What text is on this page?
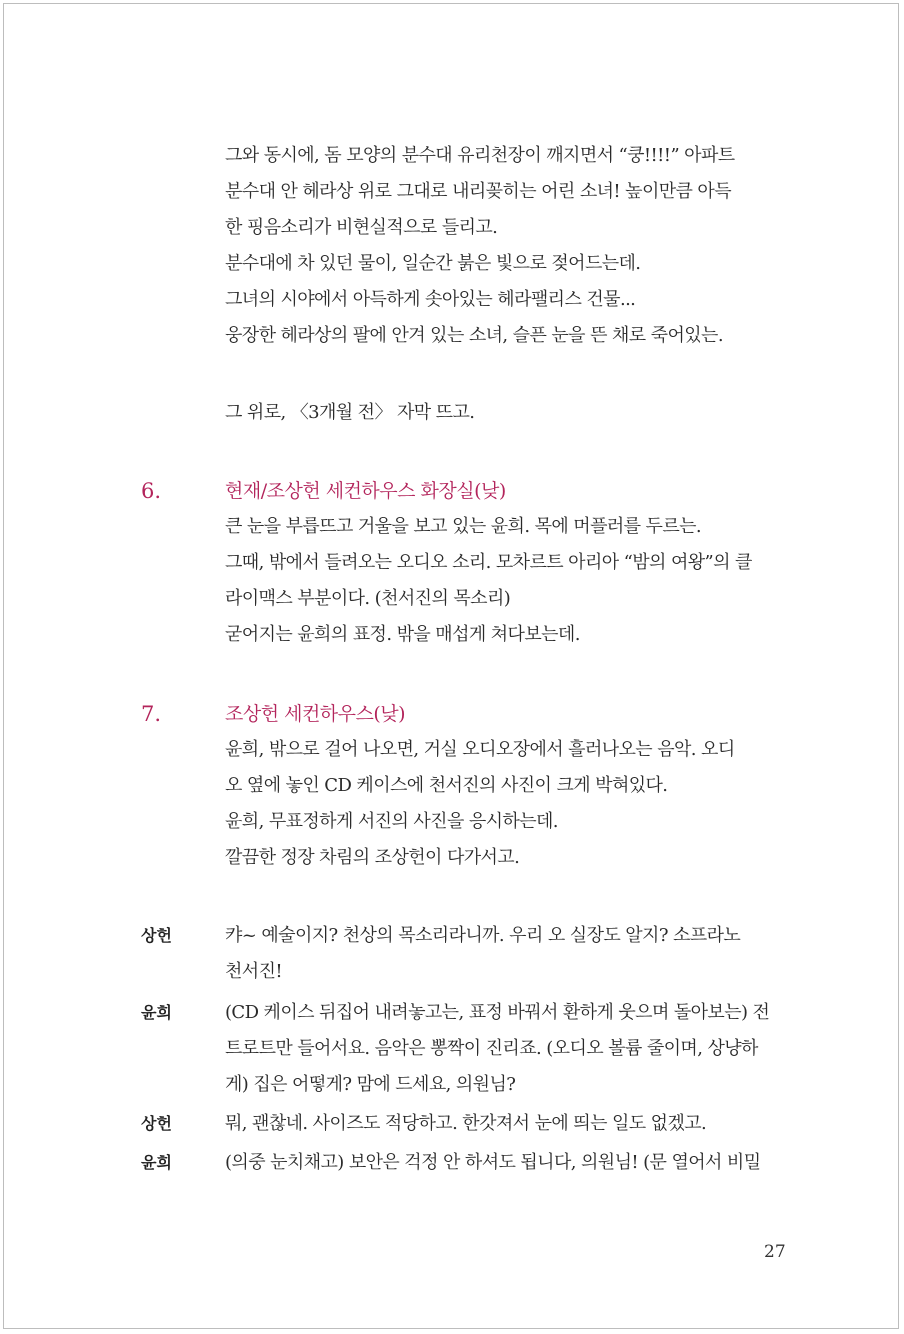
그와 동시에, 돔 모양의 분수대 유리천장이 깨지면서 “쿵!!!!” 아파트
분수대 안 헤라상 위로 그대로 내리꽂히는 어린 소녀! 높이만큼 아득
한 핑음소리가 비현실적으로 들리고.
분수대에 차 있던 물이, 일순간 붉은 빛으로 젖어드는데.
그녀의 시야에서 아득하게 솟아있는 헤라팰리스 건물...
웅장한 헤라상의 팔에 안겨 있는 소녀, 슬픈 눈을 뜬 채로 죽어있는.
그 위로, 〈3개월 전〉 자막 뜨고.
6.	현재/조상헌 세컨하우스 화장실(낮)
큰 눈을 부릅뜨고 거울을 보고 있는 윤희. 목에 머플러를 두르는.
그때, 밖에서 들려오는 오디오 소리. 모차르트 아리아 “밤의 여왕”의 클
라이맥스 부분이다. (천서진의 목소리)
굳어지는 윤희의 표정. 밖을 매섭게 쳐다보는데.
7.	조상헌 세컨하우스(낮)
윤희, 밖으로 걸어 나오면, 거실 오디오장에서 흘러나오는 음악. 오디
오 옆에 놓인 CD 케이스에 천서진의 사진이 크게 박혀있다.
윤희, 무표정하게 서진의 사진을 응시하는데.
깔끔한 정장 차림의 조상헌이 다가서고.
상헌	캬~ 예술이지? 천상의 목소리라니까. 우리 오 실장도 알지? 소프라노
천서진!
윤희	(CD 케이스 뒤집어 내려놓고는, 표정 바꿔서 환하게 웃으며 돌아보는) 전
트로트만 들어서요. 음악은 뽕짝이 진리죠. (오디오 볼륨 줄이며, 상냥하
게) 집은 어떻게? 맘에 드세요, 의원님?
상헌	뭐, 괜찮네. 사이즈도 적당하고. 한갓져서 눈에 띄는 일도 없겠고.
윤희	(의중 눈치채고) 보안은 걱정 안 하셔도 됩니다, 의원님! (문 열어서 비밀
27
